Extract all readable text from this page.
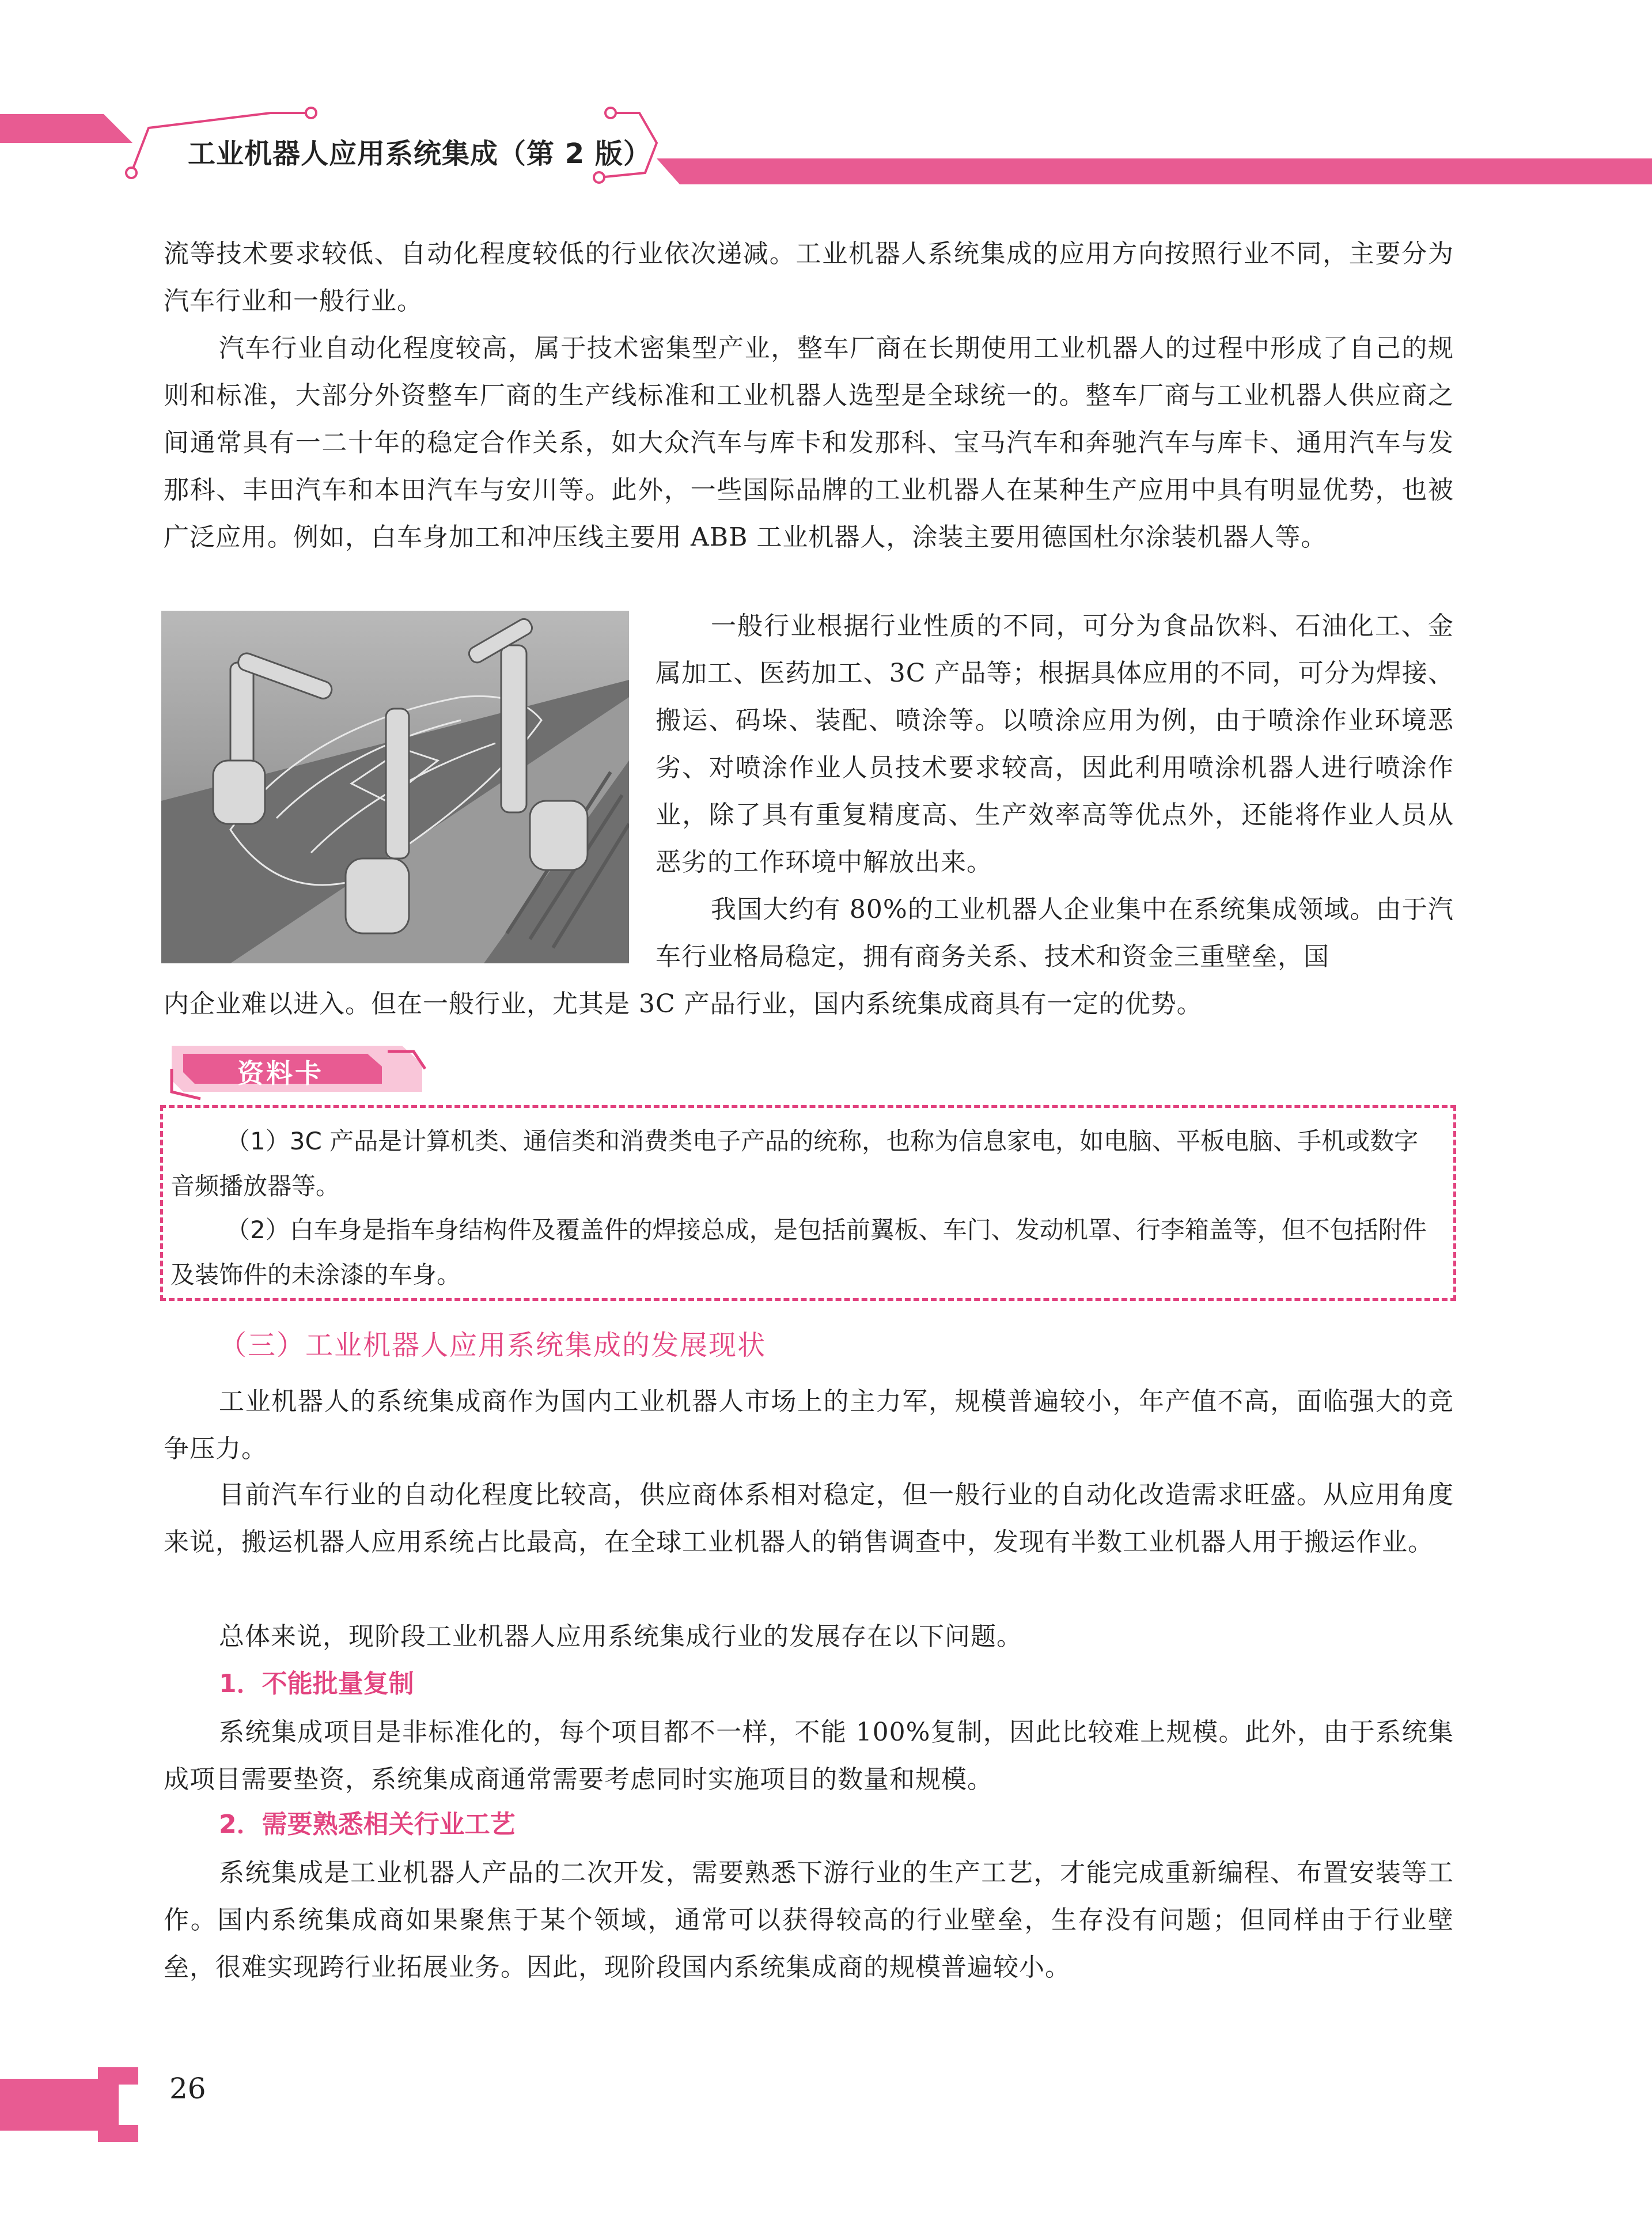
工业机器人应用系统集成（第 2 版）

流等技术要求较低、自动化程度较低的行业依次递减。工业机器人系统集成的应用方向按照行业不同，主要分为汽车行业和一般行业。

汽车行业自动化程度较高，属于技术密集型产业，整车厂商在长期使用工业机器人的过程中形成了自己的规则和标准，大部分外资整车厂商的生产线标准和工业机器人选型是全球统一的。整车厂商与工业机器人供应商之间通常具有一二十年的稳定合作关系，如大众汽车与库卡和发那科、宝马汽车和奔驰汽车与库卡、通用汽车与发那科、丰田汽车和本田汽车与安川等。此外，一些国际品牌的工业机器人在某种生产应用中具有明显优势，也被广泛应用。例如，白车身加工和冲压线主要用 ABB 工业机器人，涂装主要用德国杜尔涂装机器人等。

一般行业根据行业性质的不同，可分为食品饮料、石油化工、金属加工、医药加工、3C 产品等；根据具体应用的不同，可分为焊接、搬运、码垛、装配、喷涂等。以喷涂应用为例，由于喷涂作业环境恶劣、对喷涂作业人员技术要求较高，因此利用喷涂机器人进行喷涂作业，除了具有重复精度高、生产效率高等优点外，还能将作业人员从恶劣的工作环境中解放出来。

我国大约有 80%的工业机器人企业集中在系统集成领域。由于汽车行业格局稳定，拥有商务关系、技术和资金三重壁垒，国

内企业难以进入。但在一般行业，尤其是 3C 产品行业，国内系统集成商具有一定的优势。

资料卡
（1）3C 产品是计算机类、通信类和消费类电子产品的统称，也称为信息家电，如电脑、平板电脑、手机或数字音频播放器等。
（2）白车身是指车身结构件及覆盖件的焊接总成，是包括前翼板、车门、发动机罩、行李箱盖等，但不包括附件及装饰件的未涂漆的车身。
（三）工业机器人应用系统集成的发展现状

工业机器人的系统集成商作为国内工业机器人市场上的主力军，规模普遍较小，年产值不高，面临强大的竞争压力。

目前汽车行业的自动化程度比较高，供应商体系相对稳定，但一般行业的自动化改造需求旺盛。从应用角度来说，搬运机器人应用系统占比最高，在全球工业机器人的销售调查中，发现有半数工业机器人用于搬运作业。

总体来说，现阶段工业机器人应用系统集成行业的发展存在以下问题。

1．不能批量复制

系统集成项目是非标准化的，每个项目都不一样，不能 100%复制，因此比较难上规模。此外，由于系统集成项目需要垫资，系统集成商通常需要考虑同时实施项目的数量和规模。

2．需要熟悉相关行业工艺

系统集成是工业机器人产品的二次开发，需要熟悉下游行业的生产工艺，才能完成重新编程、布置安装等工作。国内系统集成商如果聚焦于某个领域，通常可以获得较高的行业壁垒，生存没有问题；但同样由于行业壁垒，很难实现跨行业拓展业务。因此，现阶段国内系统集成商的规模普遍较小。

26
